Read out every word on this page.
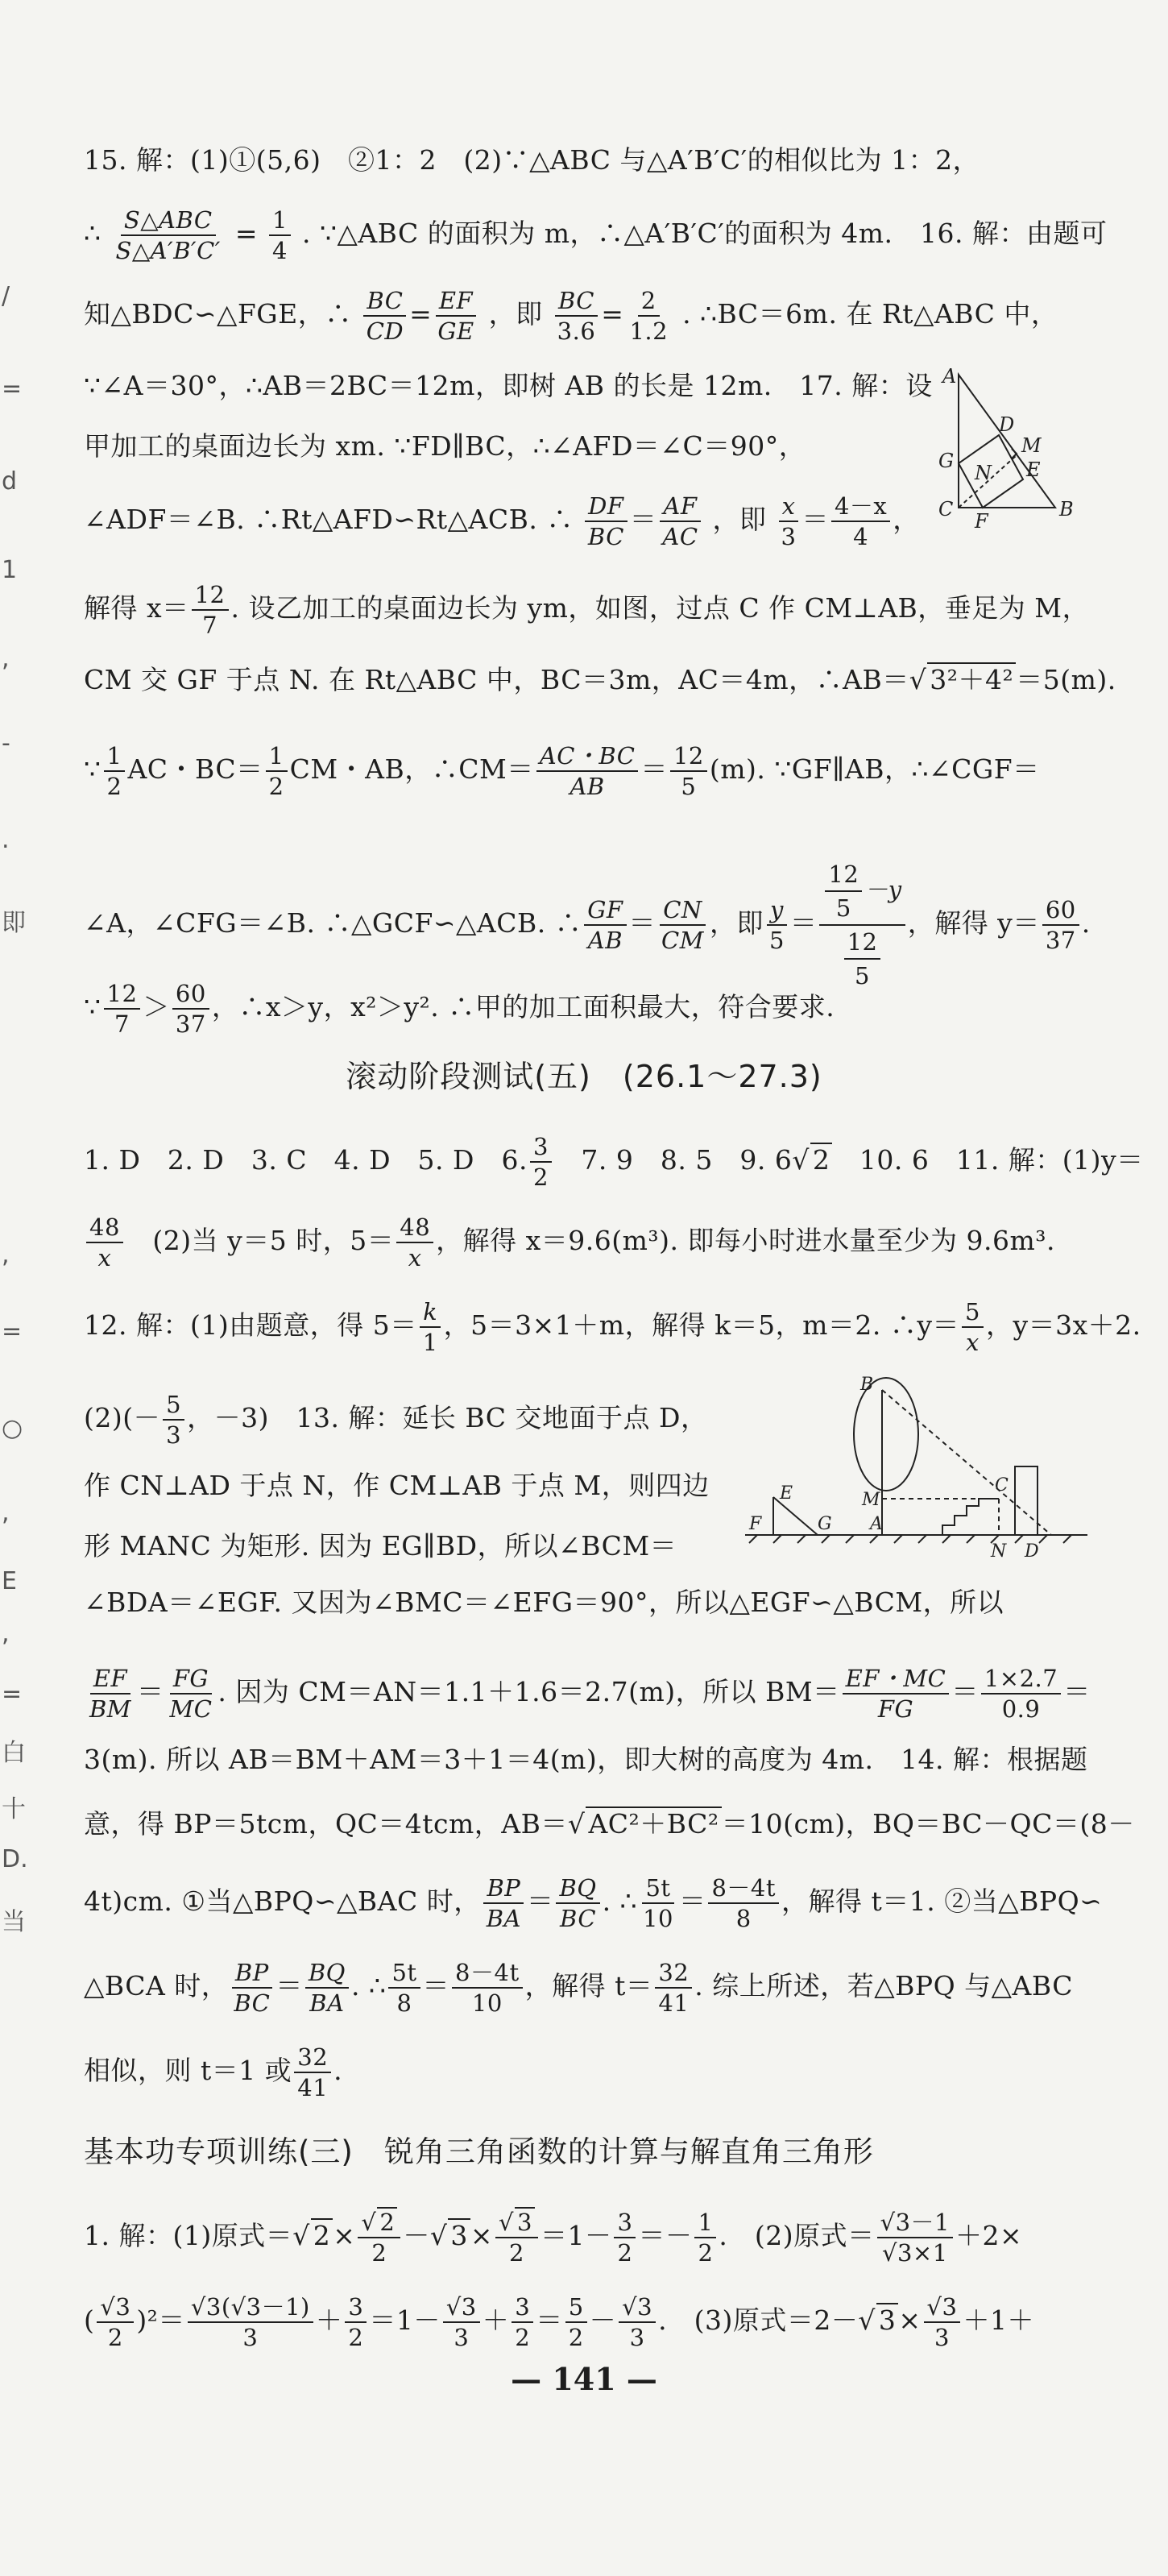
/
=
d
1
,
-
.
即
,
=
○
,
E
,
=
白
十
D.
当
15. 解：(1)①(5,6)　②1：2　(2)∵△ABC 与△A′B′C′的相似比为 1：2，
∴ $\frac{\text{S△ABC}}{S\triangle A'B'C'} = \frac{1}{4}$ . ∵△ABC 的面积为 m，∴△A′B′C′的面积为 4m.　16. 解：由题可
知△BDC∽△FGE，∴ $\frac{BC}{CD} = \frac{EF}{GE}$ ，即 $\frac{BC}{3.6} = \frac{2}{1.2}$ . ∴BC＝6m. 在 Rt△ABC 中，
∵∠A＝30°，∴AB＝2BC＝12m，即树 AB 的长是 12m.　17. 解：设
甲加工的桌面边长为 xm. ∵FD∥BC，∴∠AFD＝∠C＝90°，
∠ADF＝∠B. ∴Rt△AFD∽Rt△ACB. ∴ $\frac{DF}{BC} = \frac{AF}{AC}$ ，即 $\frac{x}{3} = \frac{4-x}{4}$ ，
A
D
M
G
N E
C
F
B
解得 $x= \frac{12}{7}$ . 设乙加工的桌面边长为 ym，如图，过点 C 作 CM⊥AB，垂足为 M，
CM 交 GF 于点 N. 在 Rt△ABC 中，BC＝3m，AC＝4m，∴AB＝√ 3²＋4²＝5(m).
∵ $\frac{1}{2}$ AC・$BC= \frac{1}{2}$ CM・AB，∴CM＝ $\frac{AC・BC}{AB} = \frac{12}{5} (m)$. ∵GF∥AB，∴∠CGF＝
∠A，∠CFG＝∠B. ∴△GCF∽△ACB. ∴ $\frac{GF}{AB} = \frac{CN}{CM}$ ，即 $\frac{y}{5} = \frac{\frac{12}{5} -y}{\frac{12}{5}}$ ，解得 $y= \frac{60}{37}$ .
∵ $\frac{12}{7} > \frac{60}{37}$ ，∴x＞y，x²＞y². ∴甲的加工面积最大，符合要求.
滚动阶段测试(五)　(26.1～27.3)
1. D　2. D　3. C　4. D　5. D　6. $\frac{3}{2}$ 　7. 9　8. 5　9. 6√ 2　10. 6　11. 解：(1)y＝
$\frac{48}{x}$ 　(2)当 y＝5 时，$5= \frac{48}{x}$ ，解得 x＝9.6(m³). 即每小时进水量至少为 9.6m³.
12. 解：(1)由题意，得 $5= \frac{k}{1}$ ，5＝3×1＋m，解得 k＝5，m＝2. ∴y＝ $\frac{5}{x}$ ，y＝3x＋2.
$(2)(- \frac{5}{3}$ ，－3)　13. 解：延长 BC 交地面于点 D，
作 CN⊥AD 于点 N，作 CM⊥AB 于点 M，则四边
形 MANC 为矩形. 因为 EG∥BD，所以∠BCM＝
B
M
E
F	G A
C
N D
∠BDA＝∠EGF. 又因为∠BMC＝∠EFG＝90°，所以△EGF∽△BCM，所以
$\frac{EF}{BM} = \frac{FG}{MC}$ . 因为 CM＝AN＝1.1＋1.6＝2.7(m)，所以 $BM= \frac{EF・MC}{FG} = \frac{1\times 2.7}{0.9}$ ＝
3(m). 所以 AB＝BM＋AM＝3＋1＝4(m)，即大树的高度为 4m.　14. 解：根据题
意，得 BP＝5tcm，QC＝4tcm，AB＝√ AC²＋BC²＝10(cm)，BQ＝BC－QC＝(8－
4t)cm. ①当△BPQ∽△BAC 时， $\frac{BP}{BA} = \frac{BQ}{BC}$ . ∴ $\frac{5t}{10} = \frac{8-4t}{8}$ ，解得 t＝1. ②当△BPQ∽
△BCA 时， $\frac{BP}{BC} = \frac{BQ}{BA}$ . ∴ $\frac{5t}{8} = \frac{8-4t}{10}$ ，解得 $t= \frac{32}{41}$ . 综上所述，若△BPQ 与△ABC
相似，则 t＝1 或 $\frac{32}{41}$ .
基本功专项训练(三)　锐角三角函数的计算与解直角三角形
1. 解：(1)原式＝√ $2\times \frac{√ 2}{2}$ －√ $3\times \frac{√ 3}{2} =1- \frac{3}{2} =- \frac{1}{2}$ .　(2)原式＝ $\frac{√3-1}{√3\times 1} +2\times$
( $\frac{√3}{2} )^2= \frac{√3(√3-1)}{3} + \frac{3}{2} =1- \frac{√3}{3} + \frac{3}{2} = \frac{5}{2} - \frac{√3}{3}$ .　(3)原式＝2－√ $3\times \frac{√3}{3} +1+$
— 141 —
